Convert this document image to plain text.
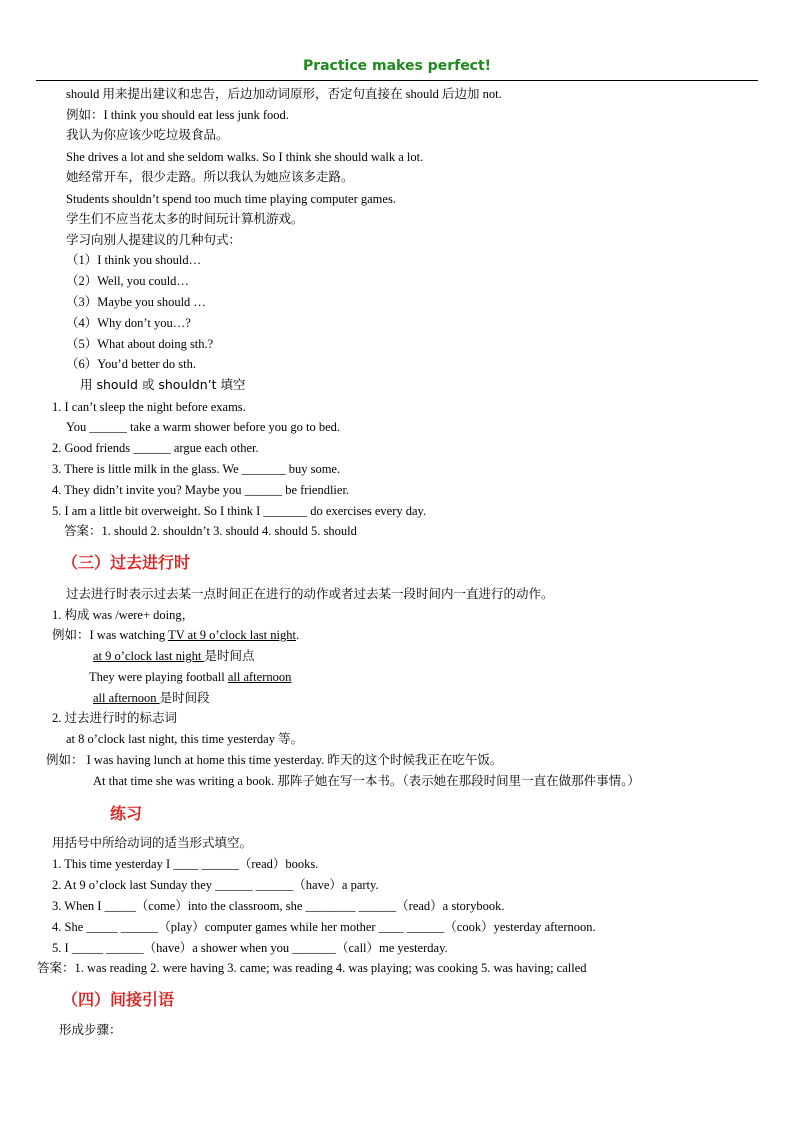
Practice makes perfect!
should 用来提出建议和忠告，后边加动词原形，否定句直接在 should 后边加 not.
例如：I think you should eat less junk food.
我认为你应该少吃垃圾食品。
She drives a lot and she seldom walks. So I think she should walk a lot.
她经常开车，很少走路。所以我认为她应该多走路。
Students shouldn’t spend too much time playing computer games.
学生们不应当花太多的时间玩计算机游戏。
学习向别人提建议的几种句式：
（1）I think you should…
（2）Well, you could…
（3）Maybe you should …
（4）Why don’t you…?
（5）What about doing sth.?
（6）You’d better do sth.
用 should 或 shouldn’t 填空
1. I can’t sleep the night before exams.
You ______ take a warm shower before you go to bed.
2. Good friends ______ argue each other.
3. There is little milk in the glass. We _______ buy some.
4. They didn’t invite you? Maybe you ______ be friendlier.
5. I am a little bit overweight. So I think I _______ do exercises every day.
答案：1. should 2. shouldn’t 3. should 4. should 5. should
（三）过去进行时
过去进行时表示过去某一点时间正在进行的动作或者过去某一段时间内一直进行的动作。
1. 构成 was /were+ doing，
例如：I was watching TV at 9 o’clock last night.
at 9 o’clock last night 是时间点
They were playing football all afternoon
all afternoon 是时间段
2. 过去进行时的标志词
at 8 o’clock last night, this time yesterday 等。
例如： I was having lunch at home this time yesterday. 昨天的这个时候我正在吃午饭。
At that time she was writing a book. 那阵子她在写一本书。（表示她在那段时间里一直在做那件事情。）
练习
用括号中所给动词的适当形式填空。
1. This time yesterday I ____ ______（read）books.
2. At 9 o’clock last Sunday they ______ ______（have）a party.
3. When I _____（come）into the classroom, she ________ ______（read）a storybook.
4. She _____ ______（play）computer games while her mother ____ ______（cook）yesterday afternoon.
5. I _____ ______（have）a shower when you _______（call）me yesterday.
答案：1. was reading 2. were having 3. came; was reading 4. was playing; was cooking 5. was having; called
（四）间接引语
形成步骤：
